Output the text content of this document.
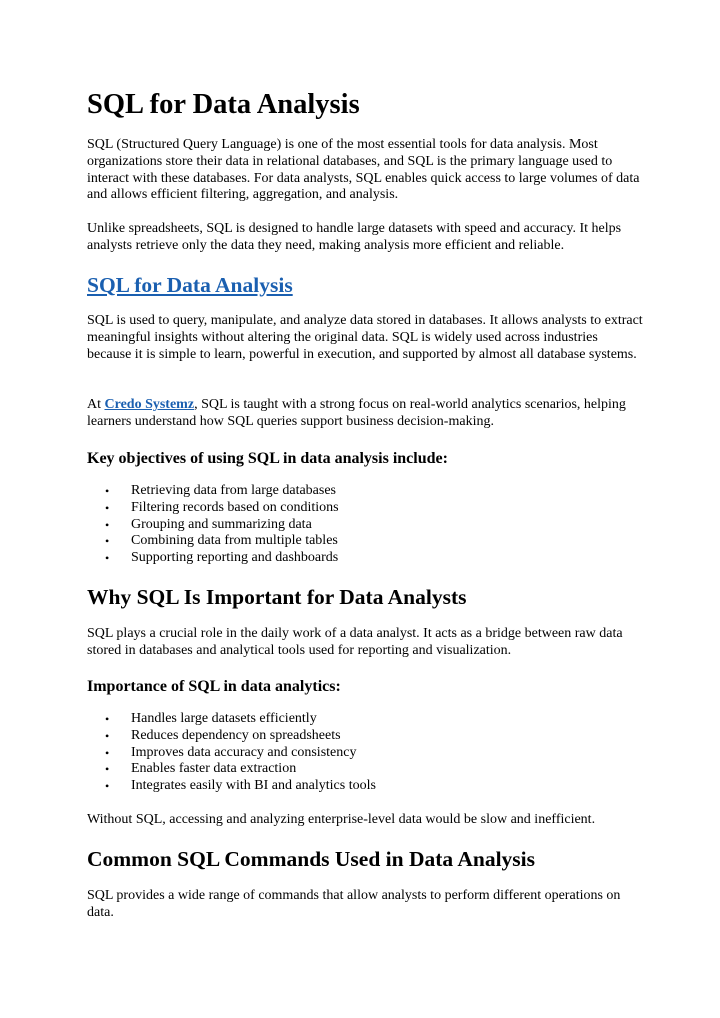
SQL for Data Analysis

SQL (Structured Query Language) is one of the most essential tools for data analysis. Most organizations store their data in relational databases, and SQL is the primary language used to interact with these databases. For data analysts, SQL enables quick access to large volumes of data and allows efficient filtering, aggregation, and analysis.

Unlike spreadsheets, SQL is designed to handle large datasets with speed and accuracy. It helps analysts retrieve only the data they need, making analysis more efficient and reliable.

SQL for Data Analysis

SQL is used to query, manipulate, and analyze data stored in databases. It allows analysts to extract meaningful insights without altering the original data. SQL is widely used across industries because it is simple to learn, powerful in execution, and supported by almost all database systems.

At Credo Systemz, SQL is taught with a strong focus on real-world analytics scenarios, helping learners understand how SQL queries support business decision-making.

Key objectives of using SQL in data analysis include:
• Retrieving data from large databases
• Filtering records based on conditions
• Grouping and summarizing data
• Combining data from multiple tables
• Supporting reporting and dashboards
Why SQL Is Important for Data Analysts

SQL plays a crucial role in the daily work of a data analyst. It acts as a bridge between raw data stored in databases and analytical tools used for reporting and visualization.

Importance of SQL in data analytics:
• Handles large datasets efficiently
• Reduces dependency on spreadsheets
• Improves data accuracy and consistency
• Enables faster data extraction
• Integrates easily with BI and analytics tools

Without SQL, accessing and analyzing enterprise-level data would be slow and inefficient.

Common SQL Commands Used in Data Analysis

SQL provides a wide range of commands that allow analysts to perform different operations on data.
